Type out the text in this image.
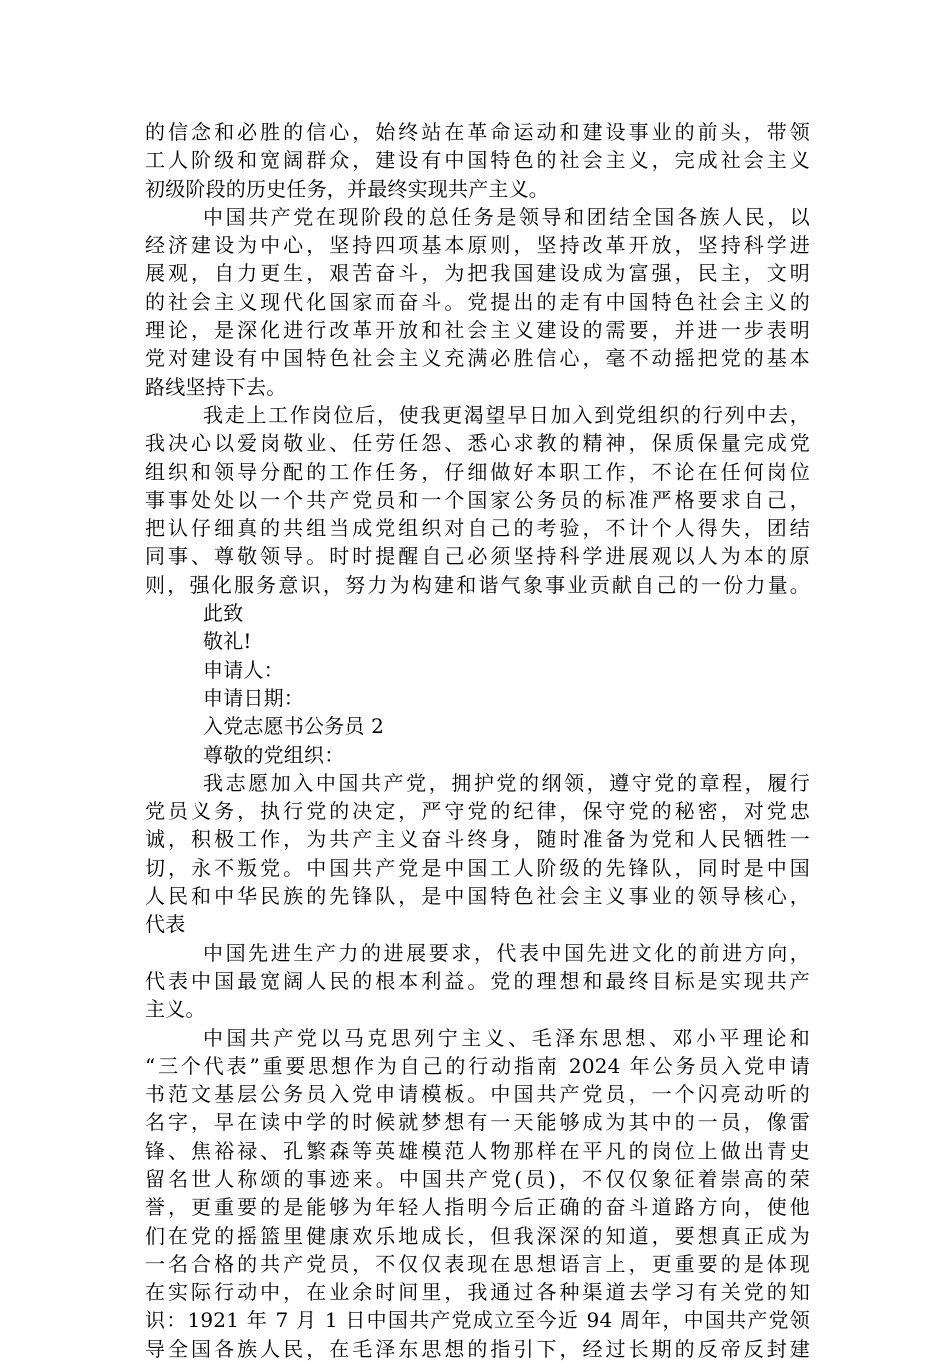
的信念和必胜的信心，始终站在革命运动和建设事业的前头，带领
工人阶级和宽阔群众，建设有中国特色的社会主义，完成社会主义
初级阶段的历史任务，并最终实现共产主义。
中国共产党在现阶段的总任务是领导和团结全国各族人民，以
经济建设为中心，坚持四项基本原则，坚持改革开放，坚持科学进
展观，自力更生，艰苦奋斗，为把我国建设成为富强，民主，文明
的社会主义现代化国家而奋斗。党提出的走有中国特色社会主义的
理论，是深化进行改革开放和社会主义建设的需要，并进一步表明
党对建设有中国特色社会主义充满必胜信心，毫不动摇把党的基本
路线坚持下去。
我走上工作岗位后，使我更渴望早日加入到党组织的行列中去，
我决心以爱岗敬业、任劳任怨、悉心求教的精神，保质保量完成党
组织和领导分配的工作任务，仔细做好本职工作，不论在任何岗位
事事处处以一个共产党员和一个国家公务员的标准严格要求自己，
把认仔细真的共组当成党组织对自己的考验，不计个人得失，团结
同事、尊敬领导。时时提醒自己必须坚持科学进展观以人为本的原
则，强化服务意识，努力为构建和谐气象事业贡献自己的一份力量。
此致
敬礼!
申请人：
申请日期：
入党志愿书公务员 2
尊敬的党组织：
我志愿加入中国共产党，拥护党的纲领，遵守党的章程，履行
党员义务，执行党的决定，严守党的纪律，保守党的秘密，对党忠
诚，积极工作，为共产主义奋斗终身，随时准备为党和人民牺牲一
切，永不叛党。中国共产党是中国工人阶级的先锋队，同时是中国
人民和中华民族的先锋队，是中国特色社会主义事业的领导核心，
代表
中国先进生产力的进展要求，代表中国先进文化的前进方向，
代表中国最宽阔人民的根本利益。党的理想和最终目标是实现共产
主义。
中国共产党以马克思列宁主义、毛泽东思想、邓小平理论和
“三个代表”重要思想作为自己的行动指南 2024 年公务员入党申请
书范文基层公务员入党申请模板。中国共产党员，一个闪亮动听的
名字，早在读中学的时候就梦想有一天能够成为其中的一员，像雷
锋、焦裕禄、孔繁森等英雄模范人物那样在平凡的岗位上做出青史
留名世人称颂的事迹来。中国共产党(员)，不仅仅象征着崇高的荣
誉，更重要的是能够为年轻人指明今后正确的奋斗道路方向，使他
们在党的摇篮里健康欢乐地成长，但我深深的知道，要想真正成为
一名合格的共产党员，不仅仅表现在思想语言上，更重要的是体现
在实际行动中，在业余时间里，我通过各种渠道去学习有关党的知
识：1921 年 7 月 1 日中国共产党成立至今近 94 周年，中国共产党领
导全国各族人民，在毛泽东思想的指引下，经过长期的反帝反封建
